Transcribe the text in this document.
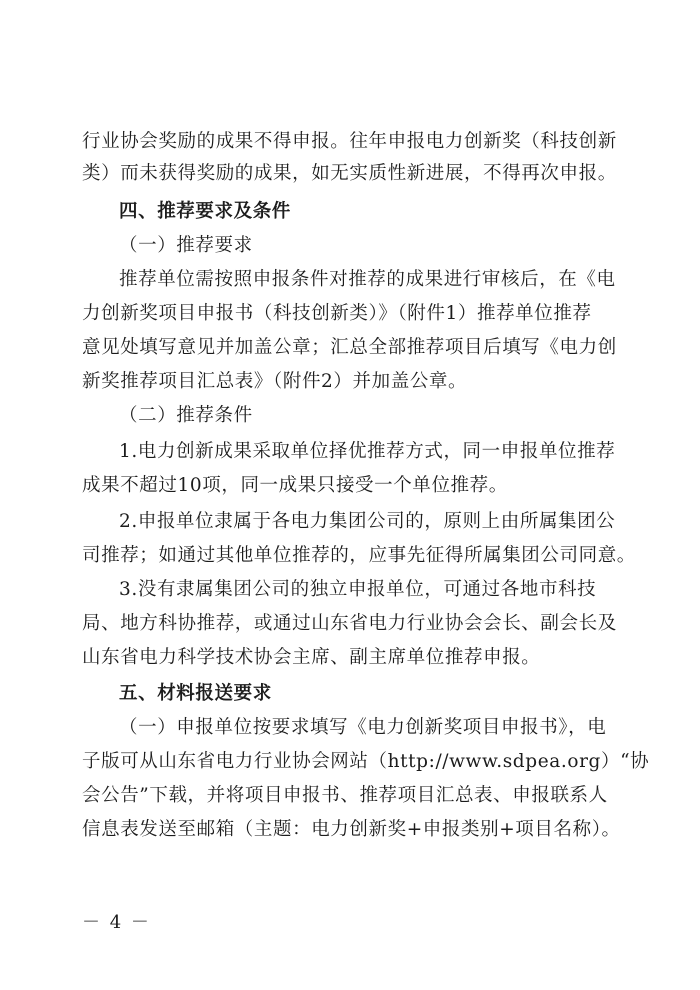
行业协会奖励的成果不得申报。往年申报电力创新奖（科技创新
类）而未获得奖励的成果，如无实质性新进展，不得再次申报。
四、推荐要求及条件
（一）推荐要求
推荐单位需按照申报条件对推荐的成果进行审核后，在《电
力创新奖项目申报书（科技创新类）》（附件1）推荐单位推荐
意见处填写意见并加盖公章；汇总全部推荐项目后填写《电力创
新奖推荐项目汇总表》（附件2）并加盖公章。
（二）推荐条件
1.电力创新成果采取单位择优推荐方式，同一申报单位推荐
成果不超过10项，同一成果只接受一个单位推荐。
2.申报单位隶属于各电力集团公司的，原则上由所属集团公
司推荐；如通过其他单位推荐的，应事先征得所属集团公司同意。
3.没有隶属集团公司的独立申报单位，可通过各地市科技
局、地方科协推荐，或通过山东省电力行业协会会长、副会长及
山东省电力科学技术协会主席、副主席单位推荐申报。
五、材料报送要求
（一）申报单位按要求填写《电力创新奖项目申报书》，电
子版可从山东省电力行业协会网站（http://www.sdpea.org）“协
会公告”下载，并将项目申报书、推荐项目汇总表、申报联系人
信息表发送至邮箱（主题：电力创新奖+申报类别+项目名称）。
－ 4 －
